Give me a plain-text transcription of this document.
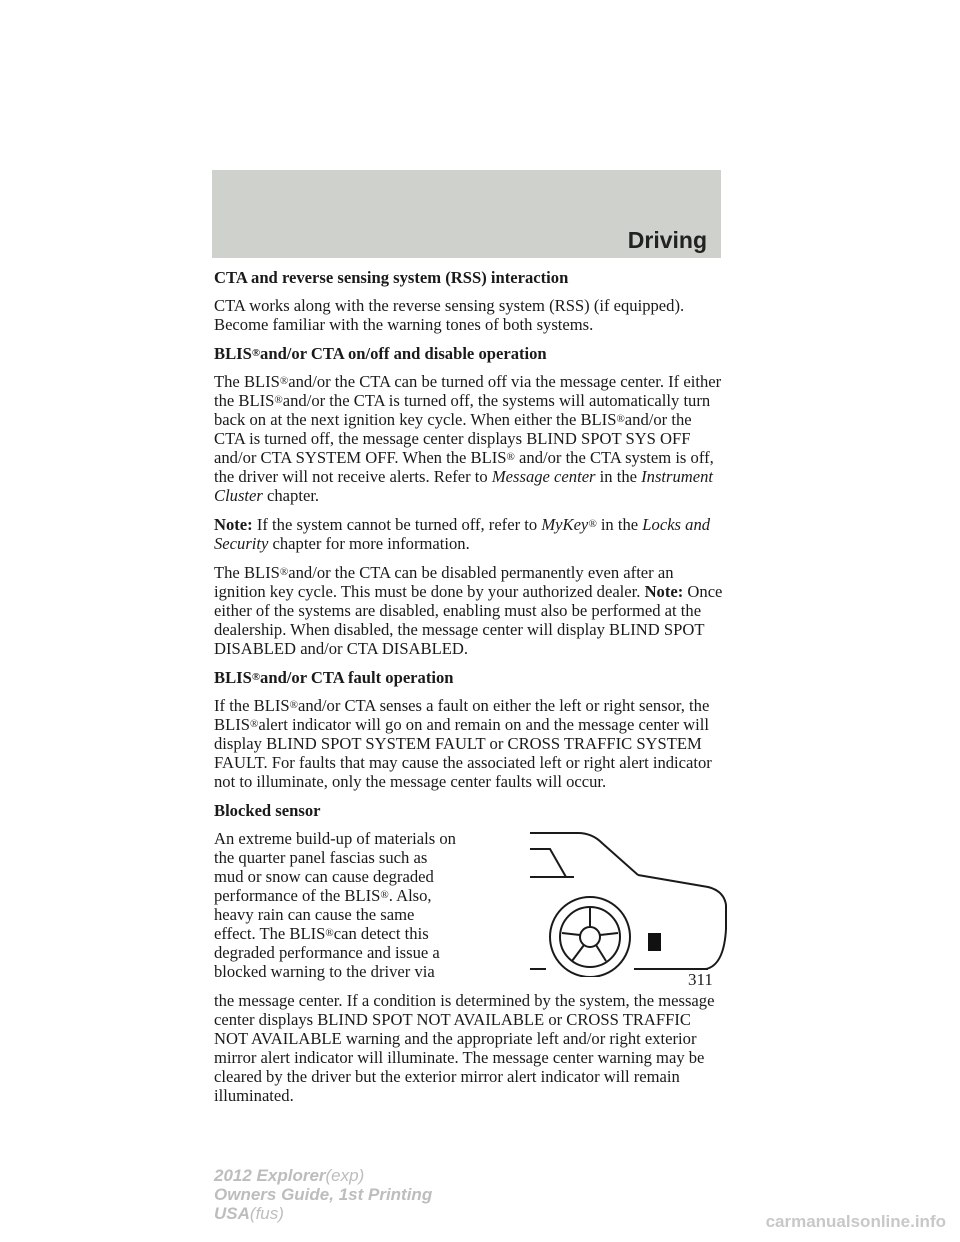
Driving
CTA and reverse sensing system (RSS) interaction

CTA works along with the reverse sensing system (RSS) (if equipped). Become familiar with the warning tones of both systems.

BLIS®and/or CTA on/off and disable operation

The BLIS®and/or the CTA can be turned off via the message center. If either the BLIS®and/or the CTA is turned off, the systems will automatically turn back on at the next ignition key cycle. When either the BLIS®and/or the CTA is turned off, the message center displays BLIND SPOT SYS OFF and/or CTA SYSTEM OFF. When the BLIS® and/or the CTA system is off, the driver will not receive alerts. Refer to Message center in the Instrument Cluster chapter.

Note: If the system cannot be turned off, refer to MyKey® in the Locks and Security chapter for more information.

The BLIS®and/or the CTA can be disabled permanently even after an ignition key cycle. This must be done by your authorized dealer. Note: Once either of the systems are disabled, enabling must also be performed at the dealership. When disabled, the message center will display BLIND SPOT DISABLED and/or CTA DISABLED.

BLIS®and/or CTA fault operation

If the BLIS®and/or CTA senses a fault on either the left or right sensor, the BLIS®alert indicator will go on and remain on and the message center will display BLIND SPOT SYSTEM FAULT or CROSS TRAFFIC SYSTEM FAULT. For faults that may cause the associated left or right alert indicator not to illuminate, only the message center faults will occur.

Blocked sensor

An extreme build-up of materials on the quarter panel fascias such as mud or snow can cause degraded performance of the BLIS®. Also, heavy rain can cause the same effect. The BLIS®can detect this degraded performance and issue a blocked warning to the driver via

the message center. If a condition is determined by the system, the message center displays BLIND SPOT NOT AVAILABLE or CROSS TRAFFIC NOT AVAILABLE warning and the appropriate left and/or right exterior mirror alert indicator will illuminate. The message center warning may be cleared by the driver but the exterior mirror alert indicator will remain illuminated.

311
2012 Explorer(exp)
Owners Guide, 1st Printing
USA(fus)	carmanualsonline.info
